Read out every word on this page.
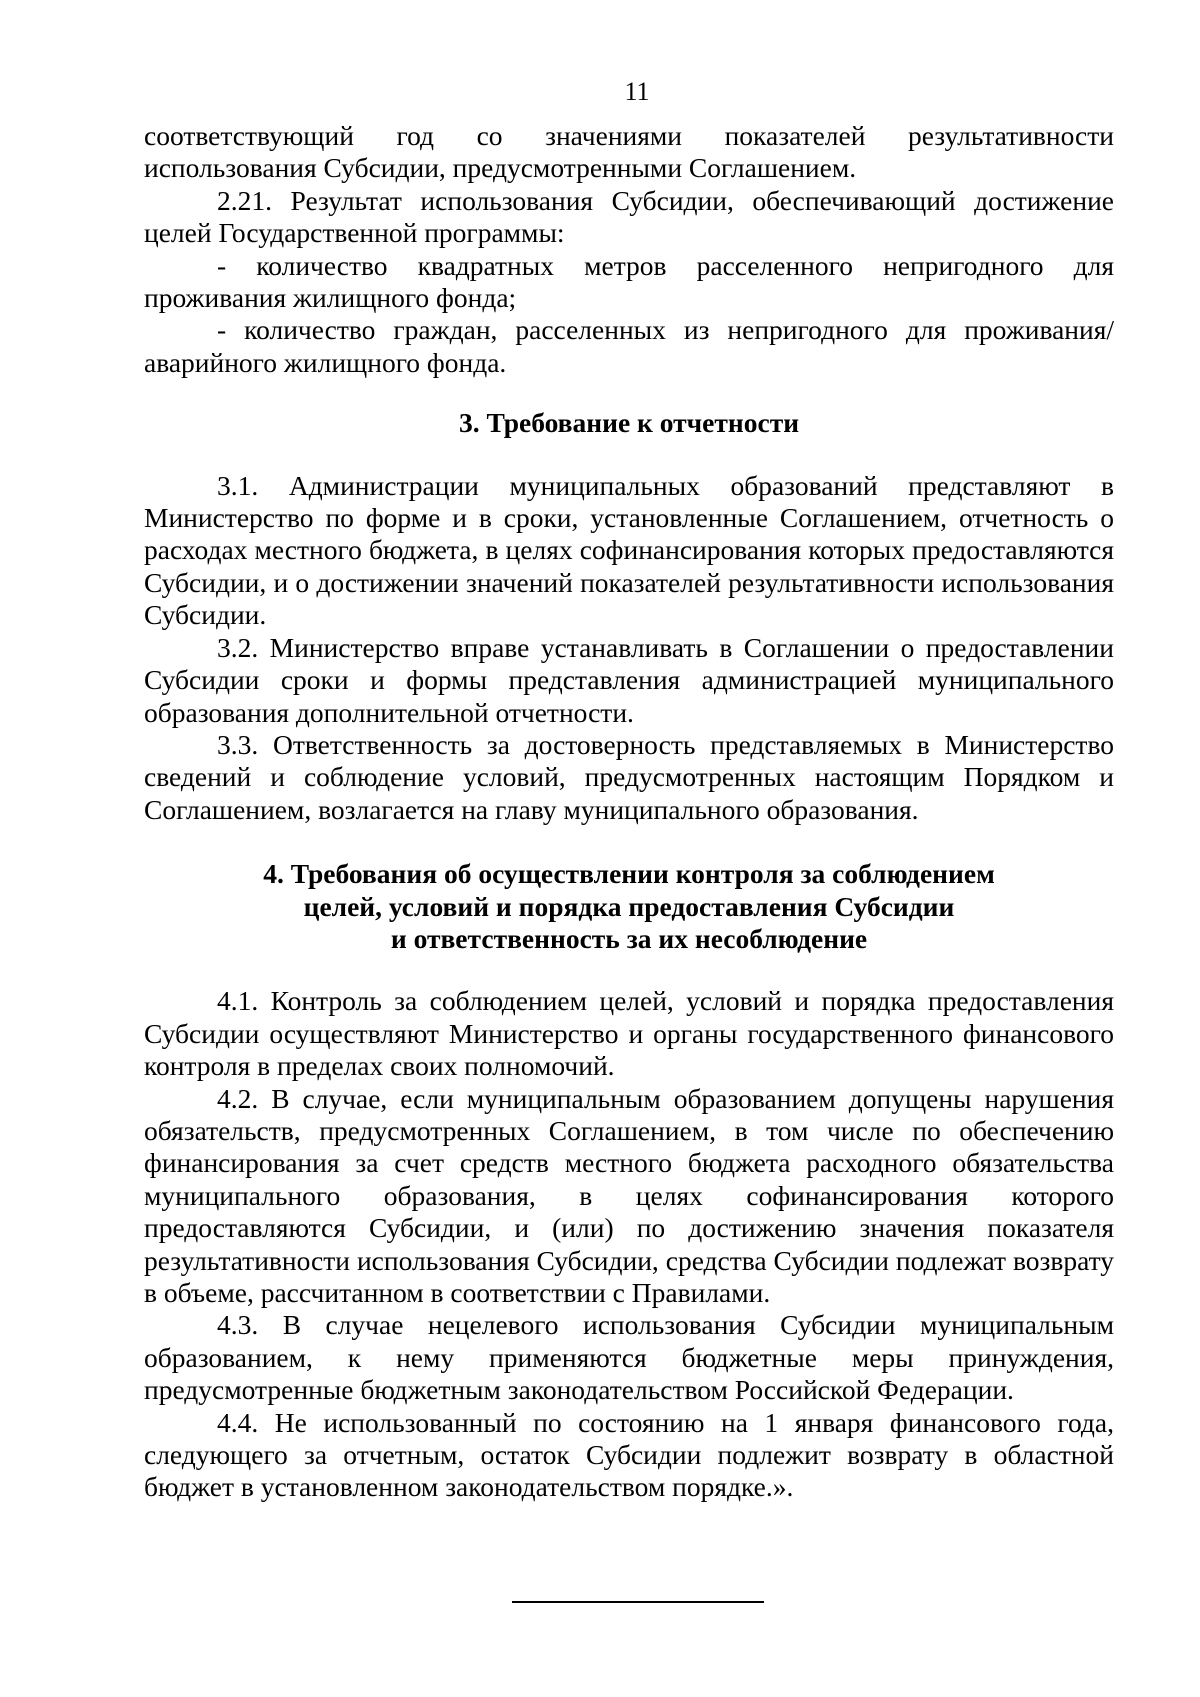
11

соответствующий год со значениями показателей результативности использования Субсидии, предусмотренными Соглашением.

2.21. Результат использования Субсидии, обеспечивающий достижение целей Государственной программы:

- количество квадратных метров расселенного непригодного для проживания жилищного фонда;

- количество граждан, расселенных из непригодного для проживания/аварийного жилищного фонда.

3. Требование к отчетности

3.1. Администрации муниципальных образований представляют в Министерство по форме и в сроки, установленные Соглашением, отчетность о расходах местного бюджета, в целях софинансирования которых предоставляются Субсидии, и о достижении значений показателей результативности использования Субсидии.

3.2. Министерство вправе устанавливать в Соглашении о предоставлении Субсидии сроки и формы представления администрацией муниципального образования дополнительной отчетности.

3.3. Ответственность за достоверность представляемых в Министерство сведений и соблюдение условий, предусмотренных настоящим Порядком и Соглашением, возлагается на главу муниципального образования.

4. Требования об осуществлении контроля за соблюдением
целей, условий и порядка предоставления Субсидии
и ответственность за их несоблюдение

4.1. Контроль за соблюдением целей, условий и порядка предоставления Субсидии осуществляют Министерство и органы государственного финансового контроля в пределах своих полномочий.

4.2. В случае, если муниципальным образованием допущены нарушения обязательств, предусмотренных Соглашением, в том числе по обеспечению финансирования за счет средств местного бюджета расходного обязательства муниципального образования, в целях софинансирования которого предоставляются Субсидии, и (или) по достижению значения показателя результативности использования Субсидии, средства Субсидии подлежат возврату в объеме, рассчитанном в соответствии с Правилами.

4.3. В случае нецелевого использования Субсидии муниципальным образованием, к нему применяются бюджетные меры принуждения, предусмотренные бюджетным законодательством Российской Федерации.

4.4. Не использованный по состоянию на 1 января финансового года, следующего за отчетным, остаток Субсидии подлежит возврату в областной бюджет в установленном законодательством порядке.».
